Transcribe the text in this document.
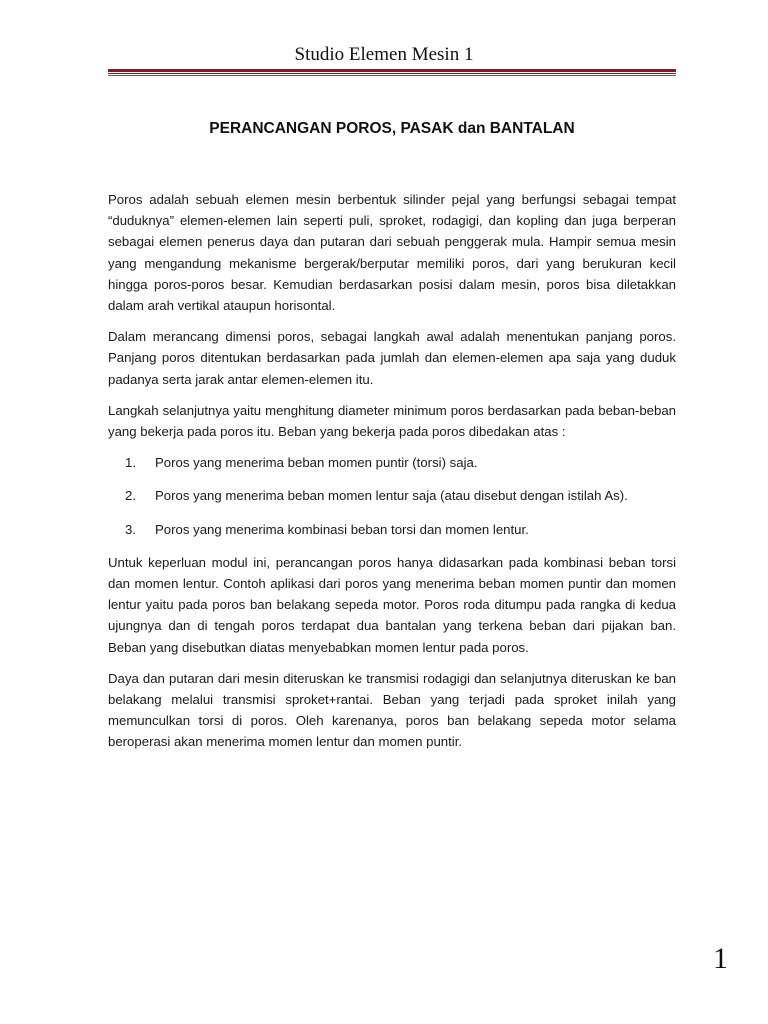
Studio Elemen Mesin 1
PERANCANGAN POROS, PASAK dan BANTALAN

Poros adalah sebuah elemen mesin berbentuk silinder pejal yang berfungsi sebagai tempat “duduknya” elemen-elemen lain seperti puli, sproket, rodagigi, dan kopling dan juga berperan sebagai elemen penerus daya dan putaran dari sebuah penggerak mula. Hampir semua mesin yang mengandung mekanisme bergerak/berputar memiliki poros, dari yang berukuran kecil hingga poros-poros besar. Kemudian berdasarkan posisi dalam mesin, poros bisa diletakkan dalam arah vertikal ataupun horisontal.

Dalam merancang dimensi poros, sebagai langkah awal adalah menentukan panjang poros. Panjang poros ditentukan berdasarkan pada jumlah dan elemen-elemen apa saja yang duduk padanya serta jarak antar elemen-elemen itu.

Langkah selanjutnya yaitu menghitung diameter minimum poros berdasarkan pada beban-beban yang bekerja pada poros itu. Beban yang bekerja pada poros dibedakan atas :

1.	Poros yang menerima beban momen puntir (torsi) saja.
2.	Poros yang menerima beban momen lentur saja (atau disebut dengan istilah As).
3.	Poros yang menerima kombinasi beban torsi dan momen lentur.

Untuk keperluan modul ini, perancangan poros hanya didasarkan pada kombinasi beban torsi dan momen lentur. Contoh aplikasi dari poros yang menerima beban momen puntir dan momen lentur yaitu pada poros ban belakang sepeda motor. Poros roda ditumpu pada rangka di kedua ujungnya dan di tengah poros terdapat dua bantalan yang terkena beban dari pijakan ban. Beban yang disebutkan diatas menyebabkan momen lentur pada poros.

Daya dan putaran dari mesin diteruskan ke transmisi rodagigi dan selanjutnya diteruskan ke ban belakang melalui transmisi sproket+rantai. Beban yang terjadi pada sproket inilah yang memunculkan torsi di poros. Oleh karenanya, poros ban belakang sepeda motor selama beroperasi akan menerima momen lentur dan momen puntir.

1
